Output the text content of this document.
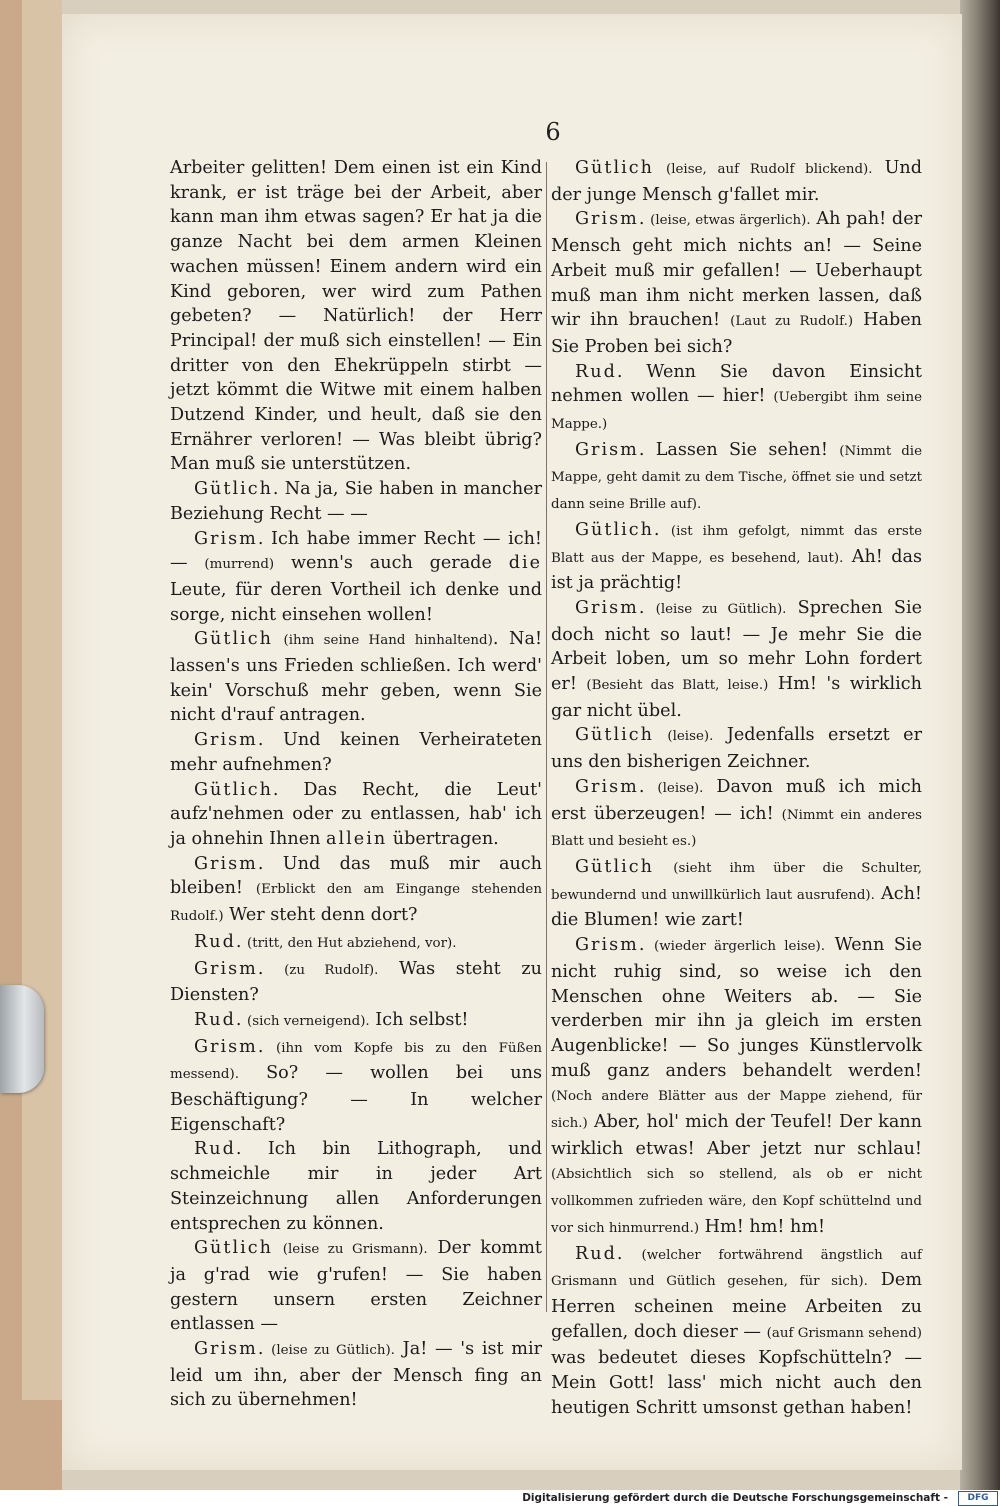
6

Arbeiter gelitten! Dem einen ist ein Kind krank, er ist träge bei der Arbeit, aber kann man ihm etwas sagen? Er hat ja die ganze Nacht bei dem armen Kleinen wachen müssen! Einem andern wird ein Kind geboren, wer wird zum Pathen gebeten? — Natürlich! der Herr Principal! der muß sich einstellen! — Ein dritter von den Ehekrüppeln stirbt — jetzt kömmt die Witwe mit einem halben Dutzend Kinder, und heult, daß sie den Ernährer verloren! — Was bleibt übrig? Man muß sie unterstützen.

Gütlich. Na ja, Sie haben in mancher Beziehung Recht — —

Grism. Ich habe immer Recht — ich! — (murrend) wenn's auch gerade die Leute, für deren Vortheil ich denke und sorge, nicht einsehen wollen!

Gütlich (ihm seine Hand hinhaltend). Na! lassen's uns Frieden schließen. Ich werd' kein' Vorschuß mehr geben, wenn Sie nicht d'rauf antragen.

Grism. Und keinen Verheirateten mehr aufnehmen?

Gütlich. Das Recht, die Leut' aufz'nehmen oder zu entlassen, hab' ich ja ohnehin Ihnen allein übertragen.

Grism. Und das muß mir auch bleiben! (Erblickt den am Eingange stehenden Rudolf.) Wer steht denn dort?

Rud. (tritt, den Hut abziehend, vor).

Grism. (zu Rudolf). Was steht zu Diensten?

Rud. (sich verneigend). Ich selbst!

Grism. (ihn vom Kopfe bis zu den Füßen messend). So? — wollen bei uns Beschäftigung? — In welcher Eigenschaft?

Rud. Ich bin Lithograph, und schmeichle mir in jeder Art Steinzeichnung allen Anforderungen entsprechen zu können.

Gütlich (leise zu Grismann). Der kommt ja g'rad wie g'rufen! — Sie haben gestern unsern ersten Zeichner entlassen —

Grism. (leise zu Gütlich). Ja! — 's ist mir leid um ihn, aber der Mensch fing an sich zu übernehmen!

Gütlich (leise, auf Rudolf blickend). Und der junge Mensch g'fallet mir.

Grism. (leise, etwas ärgerlich). Ah pah! der Mensch geht mich nichts an! — Seine Arbeit muß mir gefallen! — Ueberhaupt muß man ihm nicht merken lassen, daß wir ihn brauchen! (Laut zu Rudolf.) Haben Sie Proben bei sich?

Rud. Wenn Sie davon Einsicht nehmen wollen — hier! (Uebergibt ihm seine Mappe.)

Grism. Lassen Sie sehen! (Nimmt die Mappe, geht damit zu dem Tische, öffnet sie und setzt dann seine Brille auf).

Gütlich. (ist ihm gefolgt, nimmt das erste Blatt aus der Mappe, es besehend, laut). Ah! das ist ja prächtig!

Grism. (leise zu Gütlich). Sprechen Sie doch nicht so laut! — Je mehr Sie die Arbeit loben, um so mehr Lohn fordert er! (Besieht das Blatt, leise.) Hm! 's wirklich gar nicht übel.

Gütlich (leise). Jedenfalls ersetzt er uns den bisherigen Zeichner.

Grism. (leise). Davon muß ich mich erst überzeugen! — ich! (Nimmt ein anderes Blatt und besieht es.)

Gütlich (sieht ihm über die Schulter, bewundernd und unwillkürlich laut ausrufend). Ach! die Blumen! wie zart!

Grism. (wieder ärgerlich leise). Wenn Sie nicht ruhig sind, so weise ich den Menschen ohne Weiters ab. — Sie verderben mir ihn ja gleich im ersten Augenblicke! — So junges Künstlervolk muß ganz anders behandelt werden! (Noch andere Blätter aus der Mappe ziehend, für sich.) Aber, hol' mich der Teufel! Der kann wirklich etwas! Aber jetzt nur schlau! (Absichtlich sich so stellend, als ob er nicht vollkommen zufrieden wäre, den Kopf schüttelnd und vor sich hinmurrend.) Hm! hm! hm!

Rud. (welcher fortwährend ängstlich auf Grismann und Gütlich gesehen, für sich). Dem Herren scheinen meine Arbeiten zu gefallen, doch dieser — (auf Grismann sehend) was bedeutet dieses Kopfschütteln? — Mein Gott! lass' mich nicht auch den heutigen Schritt umsonst gethan haben!

Digitalisierung gefördert durch die Deutsche Forschungsgemeinschaft -	DFG
